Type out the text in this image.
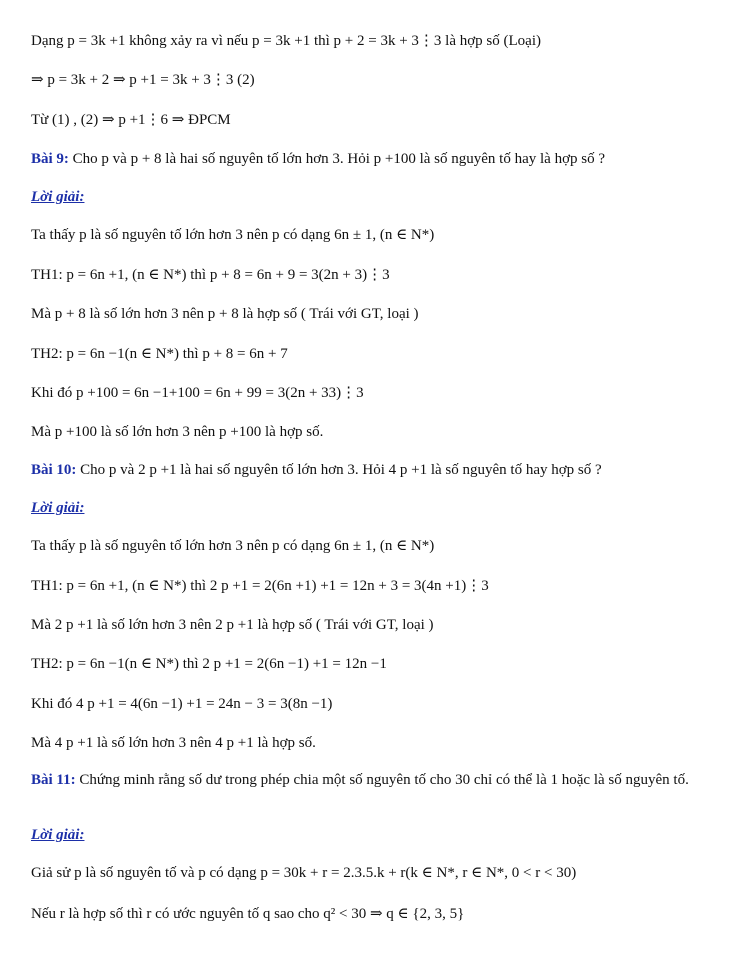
Dạng p = 3k +1 không xảy ra vì nếu p = 3k +1 thì p + 2 = 3k + 3⋮3 là hợp số (Loại)
⇒ p = 3k + 2 ⇒ p +1 = 3k + 3⋮3 (2)
Từ (1) , (2) ⇒ p +1⋮6 ⇒ ĐPCM
Bài 9: Cho p và p + 8 là hai số nguyên tố lớn hơn 3. Hỏi p +100 là số nguyên tố hay là hợp số ?
Lời giải:
Ta thấy p là số nguyên tố lớn hơn 3 nên p có dạng 6n ± 1, (n ∈ N*)
TH1: p = 6n +1, (n ∈ N*) thì p + 8 = 6n + 9 = 3(2n + 3)⋮3
Mà p + 8 là số lớn hơn 3 nên p + 8 là hợp số ( Trái với GT, loại )
TH2: p = 6n −1(n ∈ N*) thì p + 8 = 6n + 7
Khi đó p +100 = 6n −1+100 = 6n + 99 = 3(2n + 33)⋮3
Mà p +100 là số lớn hơn 3 nên p +100 là hợp số.
Bài 10: Cho p và 2 p +1 là hai số nguyên tố lớn hơn 3. Hỏi 4 p +1 là số nguyên tố hay hợp số ?
Lời giải:
Ta thấy p là số nguyên tố lớn hơn 3 nên p có dạng 6n ± 1, (n ∈ N*)
TH1: p = 6n +1, (n ∈ N*) thì 2 p +1 = 2(6n +1) +1 = 12n + 3 = 3(4n +1)⋮3
Mà 2 p +1 là số lớn hơn 3 nên 2 p +1 là hợp số ( Trái với GT, loại )
TH2: p = 6n −1(n ∈ N*) thì 2 p +1 = 2(6n −1) +1 = 12n −1
Khi đó 4 p +1 = 4(6n −1) +1 = 24n − 3 = 3(8n −1)
Mà 4 p +1 là số lớn hơn 3 nên 4 p +1 là hợp số.
Bài 11: Chứng minh rằng số dư trong phép chia một số nguyên tố cho 30 chỉ có thể là 1 hoặc là số nguyên tố.
Lời giải:
Giả sử p là số nguyên tố và p có dạng p = 30k + r = 2.3.5.k + r(k ∈ N*, r ∈ N*, 0 < r < 30)
Nếu r là hợp số thì r có ước nguyên tố q sao cho q² < 30 ⇒ q ∈ {2, 3, 5}
